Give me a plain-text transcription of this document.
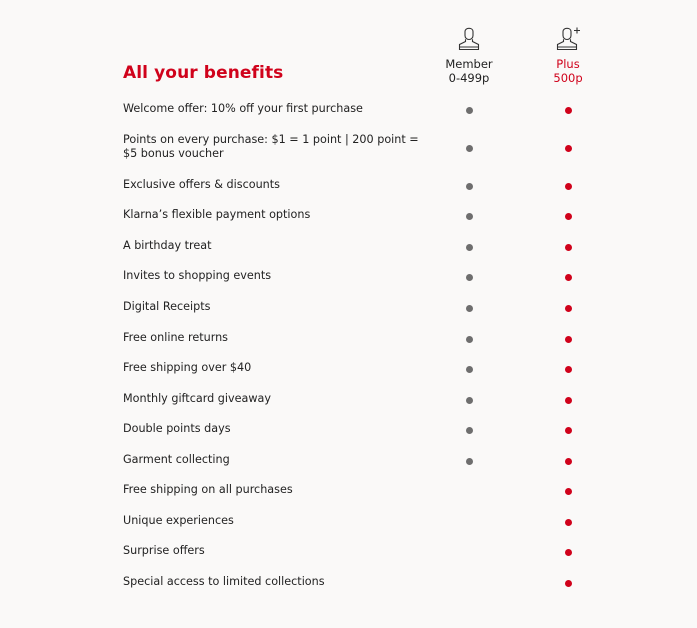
All your benefits	Member
0-499p
Plus
500p
Welcome offer: 10% off your first purchase
Points on every purchase: $1 = 1 point | 200 point = $5 bonus voucher
Exclusive offers & discounts
Klarna’s flexible payment options
A birthday treat
Invites to shopping events
Digital Receipts
Free online returns
Free shipping over $40
Monthly giftcard giveaway
Double points days
Garment collecting
Free shipping on all purchases
Unique experiences
Surprise offers
Special access to limited collections
